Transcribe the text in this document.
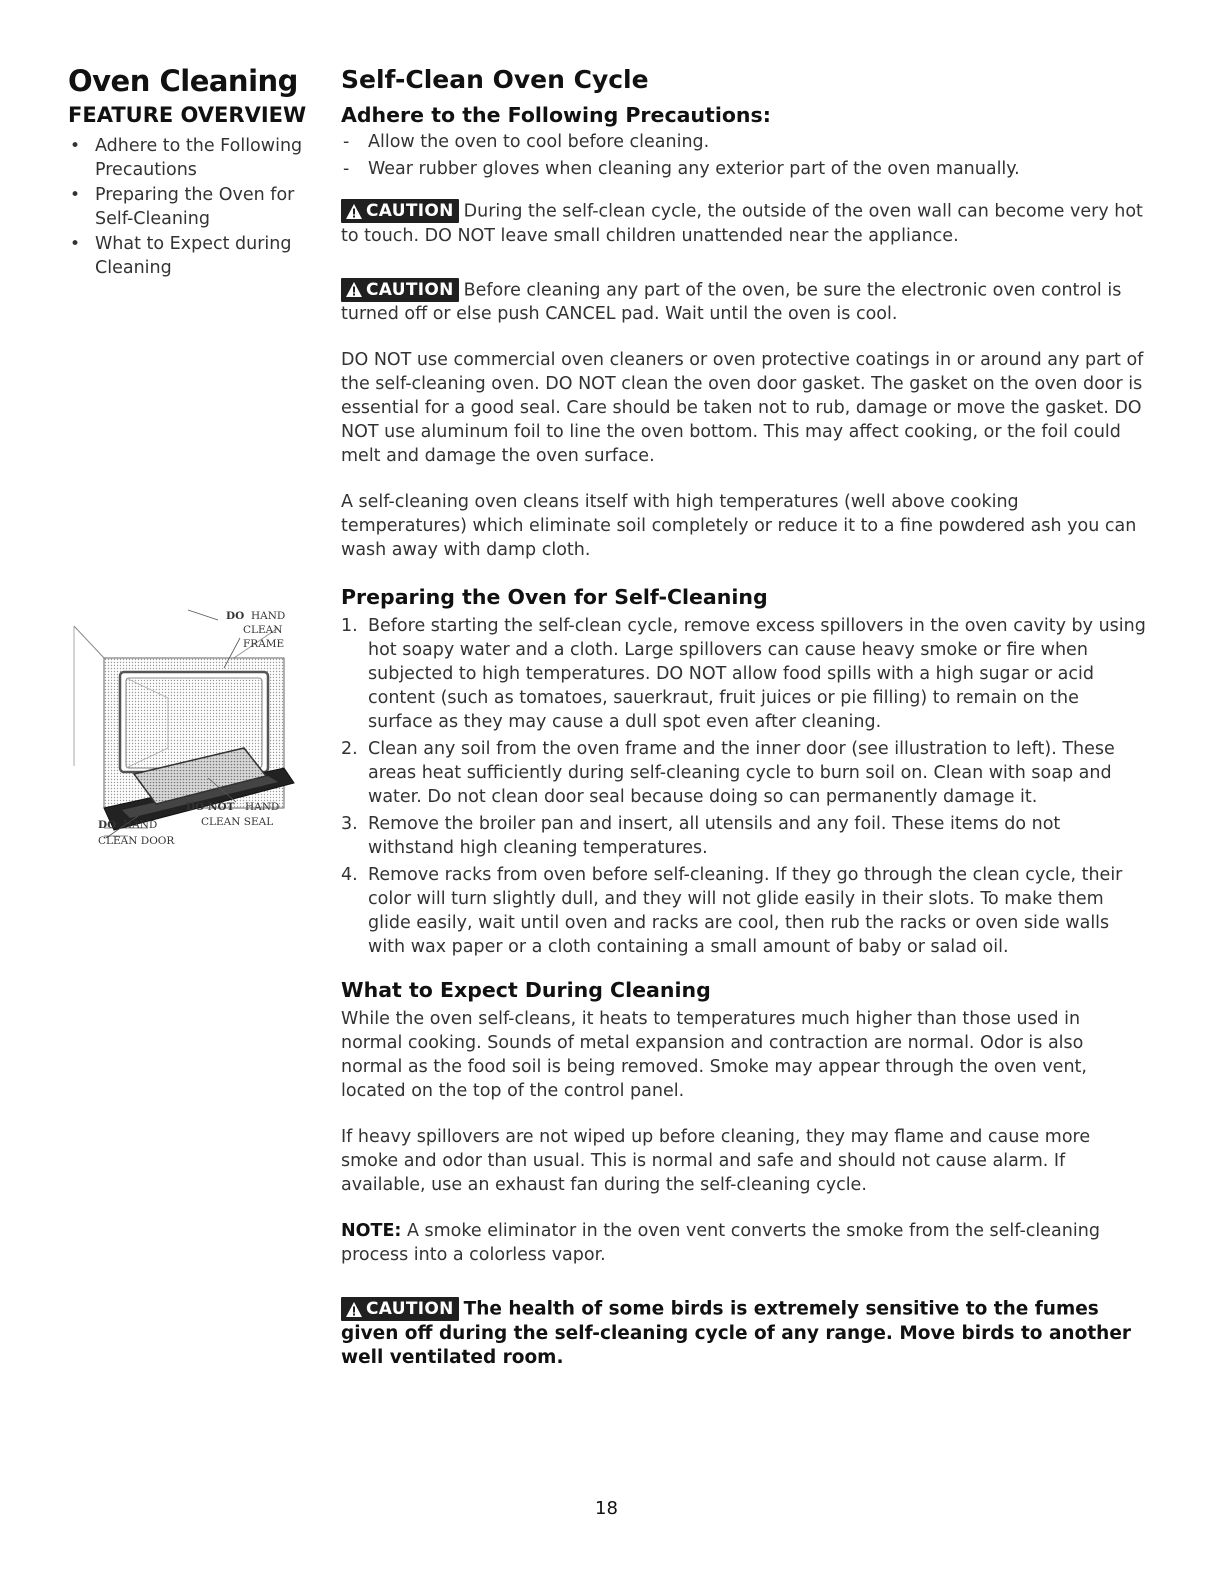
Oven Cleaning
FEATURE OVERVIEW
• Adhere to the Following Precautions
• Preparing the Oven for Self-Cleaning
• What to Expect during Cleaning
DO HAND
CLEAN
FRAME
DO NOT HAND
CLEAN SEAL
DO HAND
CLEAN DOOR
Self-Clean Oven Cycle
Adhere to the Following Precautions:
- Allow the oven to cool before cleaning.
- Wear rubber gloves when cleaning any exterior part of the oven manually.

CAUTION During the self-clean cycle, the outside of the oven wall can become very hot to touch. DO NOT leave small children unattended near the appliance.

CAUTION Before cleaning any part of the oven, be sure the electronic oven control is turned off or else push CANCEL pad. Wait until the oven is cool.

DO NOT use commercial oven cleaners or oven protective coatings in or around any part of the self-cleaning oven. DO NOT clean the oven door gasket. The gasket on the oven door is essential for a good seal. Care should be taken not to rub, damage or move the gasket. DO NOT use aluminum foil to line the oven bottom. This may affect cooking, or the foil could melt and damage the oven surface.

A self-cleaning oven cleans itself with high temperatures (well above cooking temperatures) which eliminate soil completely or reduce it to a fine powdered ash you can wash away with damp cloth.

Preparing the Oven for Self-Cleaning
1. Before starting the self-clean cycle, remove excess spillovers in the oven cavity by using hot soapy water and a cloth. Large spillovers can cause heavy smoke or fire when subjected to high temperatures. DO NOT allow food spills with a high sugar or acid content (such as tomatoes, sauerkraut, fruit juices or pie filling) to remain on the surface as they may cause a dull spot even after cleaning.
2. Clean any soil from the oven frame and the inner door (see illustration to left). These areas heat sufficiently during self-cleaning cycle to burn soil on. Clean with soap and water. Do not clean door seal because doing so can permanently damage it.
3. Remove the broiler pan and insert, all utensils and any foil. These items do not withstand high cleaning temperatures.
4. Remove racks from oven before self-cleaning. If they go through the clean cycle, their color will turn slightly dull, and they will not glide easily in their slots. To make them glide easily, wait until oven and racks are cool, then rub the racks or oven side walls with wax paper or a cloth containing a small amount of baby or salad oil.
What to Expect During Cleaning

While the oven self-cleans, it heats to temperatures much higher than those used in normal cooking. Sounds of metal expansion and contraction are normal. Odor is also normal as the food soil is being removed. Smoke may appear through the oven vent, located on the top of the control panel.

If heavy spillovers are not wiped up before cleaning, they may flame and cause more smoke and odor than usual. This is normal and safe and should not cause alarm. If available, use an exhaust fan during the self-cleaning cycle.

NOTE: A smoke eliminator in the oven vent converts the smoke from the self-cleaning process into a colorless vapor.

CAUTION The health of some birds is extremely sensitive to the fumes given off during the self-cleaning cycle of any range. Move birds to another well ventilated room.

18
